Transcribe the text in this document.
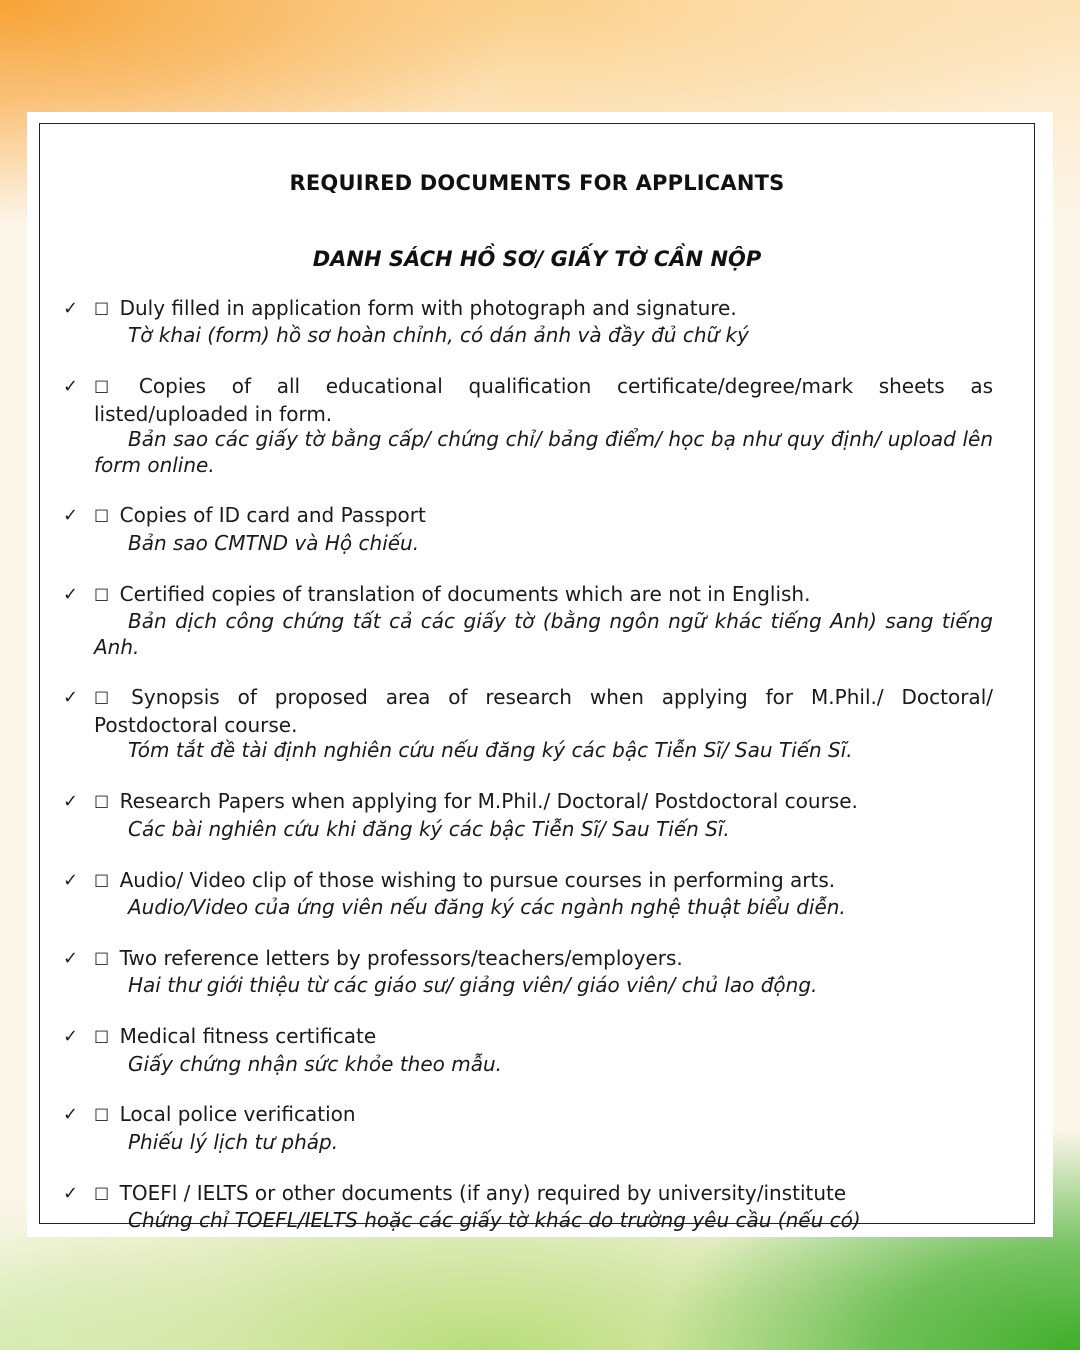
REQUIRED DOCUMENTS FOR APPLICANTS
DANH SÁCH HỒ SƠ/ GIẤY TỜ CẦN NỘP
✓ ☐ Duly filled in application form with photograph and signature.
Tờ khai (form) hồ sơ hoàn chỉnh, có dán ảnh và đầy đủ chữ ký
✓ ☐ Copies of all educational qualification certificate/degree/mark sheets as listed/uploaded in form.
Bản sao các giấy tờ bằng cấp/ chứng chỉ/ bảng điểm/ học bạ như quy định/ upload lên form online.
✓ ☐ Copies of ID card and Passport
Bản sao CMTND và Hộ chiếu.
✓ ☐ Certified copies of translation of documents which are not in English.
Bản dịch công chứng tất cả các giấy tờ (bằng ngôn ngữ khác tiếng Anh) sang tiếng Anh.
✓ ☐ Synopsis of proposed area of research when applying for M.Phil./ Doctoral/ Postdoctoral course.
Tóm tắt đề tài định nghiên cứu nếu đăng ký các bậc Tiễn Sĩ/ Sau Tiến Sĩ.
✓ ☐ Research Papers when applying for M.Phil./ Doctoral/ Postdoctoral course.
Các bài nghiên cứu khi đăng ký các bậc Tiễn Sĩ/ Sau Tiến Sĩ.
✓ ☐ Audio/ Video clip of those wishing to pursue courses in performing arts.
Audio/Video của ứng viên nếu đăng ký các ngành nghệ thuật biểu diễn.
✓ ☐ Two reference letters by professors/teachers/employers.
Hai thư giới thiệu từ các giáo sư/ giảng viên/ giáo viên/ chủ lao động.
✓ ☐ Medical fitness certificate
Giấy chứng nhận sức khỏe theo mẫu.
✓ ☐ Local police verification
Phiếu lý lịch tư pháp.
✓ ☐ TOEFl / IELTS or other documents (if any) required by university/institute
Chứng chỉ TOEFL/IELTS hoặc các giấy tờ khác do trường yêu cầu (nếu có)
